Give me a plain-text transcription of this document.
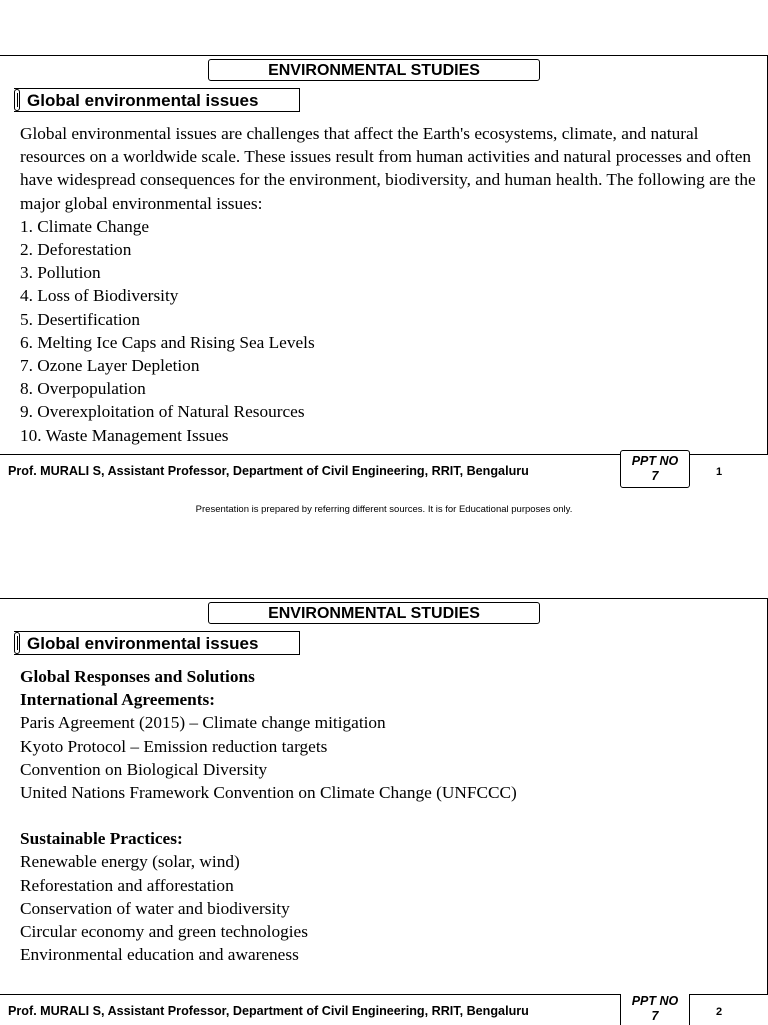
ENVIRONMENTAL STUDIES
Global environmental issues

Global environmental issues are challenges that affect the Earth's ecosystems, climate, and natural resources on a worldwide scale. These issues result from human activities and natural processes and often have widespread consequences for the environment, biodiversity, and human health. The following are the major global environmental issues:

1. Climate Change
2. Deforestation
3. Pollution
4. Loss of Biodiversity
5. Desertification
6. Melting Ice Caps and Rising Sea Levels
7. Ozone Layer Depletion
8. Overpopulation
9. Overexploitation of Natural Resources
10. Waste Management Issues
Prof. MURALI S, Assistant Professor, Department of Civil Engineering, RRIT, Bengaluru
PPT NO
7	1
Presentation is prepared by referring different sources. It is for Educational purposes only.
ENVIRONMENTAL STUDIES
Global environmental issues

Global Responses and Solutions

International Agreements:

Paris Agreement (2015) – Climate change mitigation

Kyoto Protocol – Emission reduction targets

Convention on Biological Diversity

United Nations Framework Convention on Climate Change (UNFCCC)

Sustainable Practices:

Renewable energy (solar, wind)

Reforestation and afforestation

Conservation of water and biodiversity

Circular economy and green technologies

Environmental education and awareness

Prof. MURALI S, Assistant Professor, Department of Civil Engineering, RRIT, Bengaluru
PPT NO
7	2
